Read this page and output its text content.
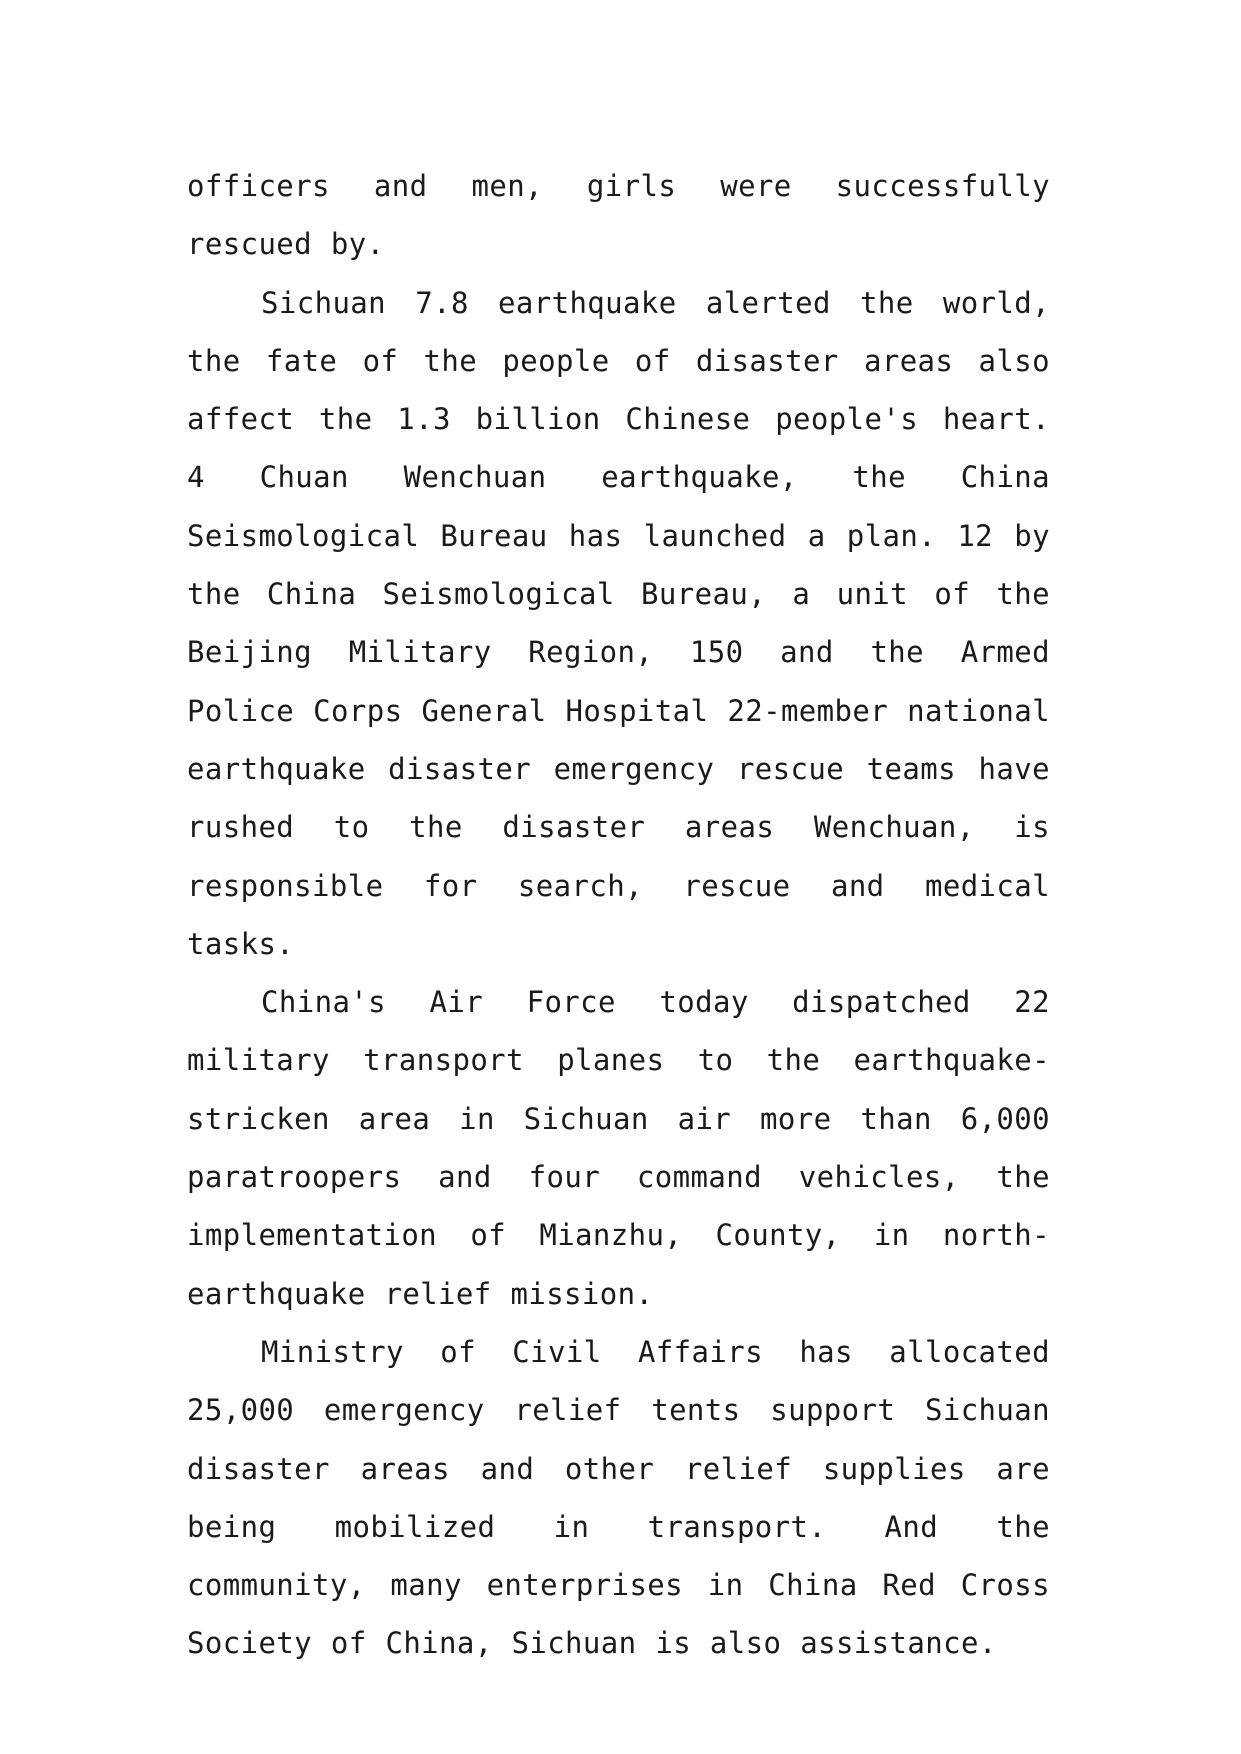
officers and men, girls were successfully rescued by.

Sichuan 7.8 earthquake alerted the world, the fate of the people of disaster areas also affect the 1.3 billion Chinese people's heart. 4 Chuan Wenchuan earthquake, the China Seismological Bureau has launched a plan. 12 by the China Seismological Bureau, a unit of the Beijing Military Region, 150 and the Armed Police Corps General Hospital 22-member national earthquake disaster emergency rescue teams have rushed to the disaster areas Wenchuan, is responsible for search, rescue and medical tasks.

China's Air Force today dispatched 22 military transport planes to the earthquake-stricken area in Sichuan air more than 6,000 paratroopers and four command vehicles, the implementation of Mianzhu, County, in north-earthquake relief mission.

Ministry of Civil Affairs has allocated 25,000 emergency relief tents support Sichuan disaster areas and other relief supplies are being mobilized in transport. And the community, many enterprises in China Red Cross Society of China, Sichuan is also assistance.
